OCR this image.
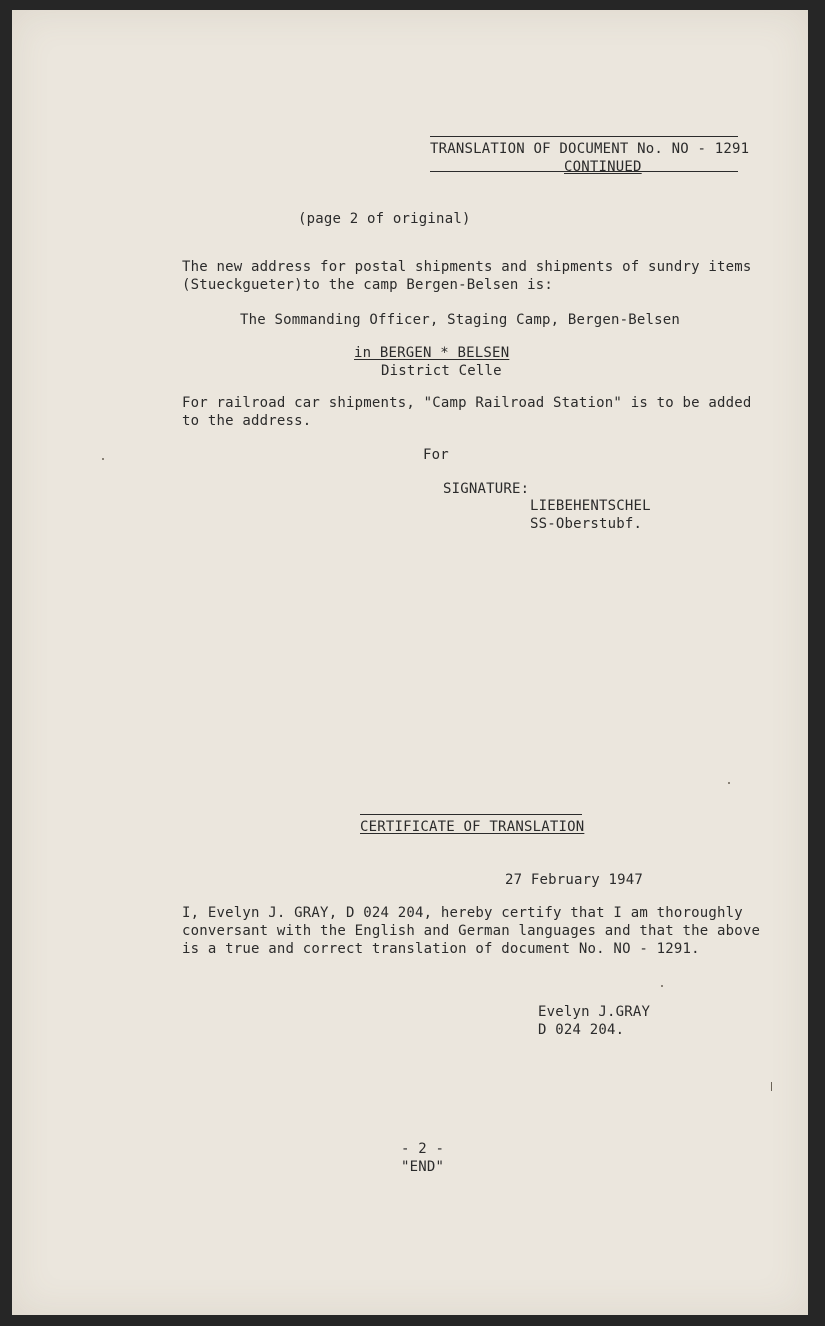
TRANSLATION OF DOCUMENT No. NO - 1291
CONTINUED
(page 2 of original)
The new address for postal shipments and shipments of sundry items
(Stueckgueter)to the camp Bergen-Belsen is:
The Sommanding Officer, Staging Camp, Bergen-Belsen
in BERGEN * BELSEN
District Celle
For railroad car shipments, "Camp Railroad Station" is to be added
to the address.
For
SIGNATURE:
LIEBEHENTSCHEL
SS-Oberstubf.
CERTIFICATE OF TRANSLATION
27 February 1947
I, Evelyn J. GRAY, D 024 204, hereby certify that I am thoroughly
conversant with the English and German languages and that the above
is a true and correct translation of document No. NO - 1291.
Evelyn J.GRAY
D 024 204.
- 2 -
"END"
